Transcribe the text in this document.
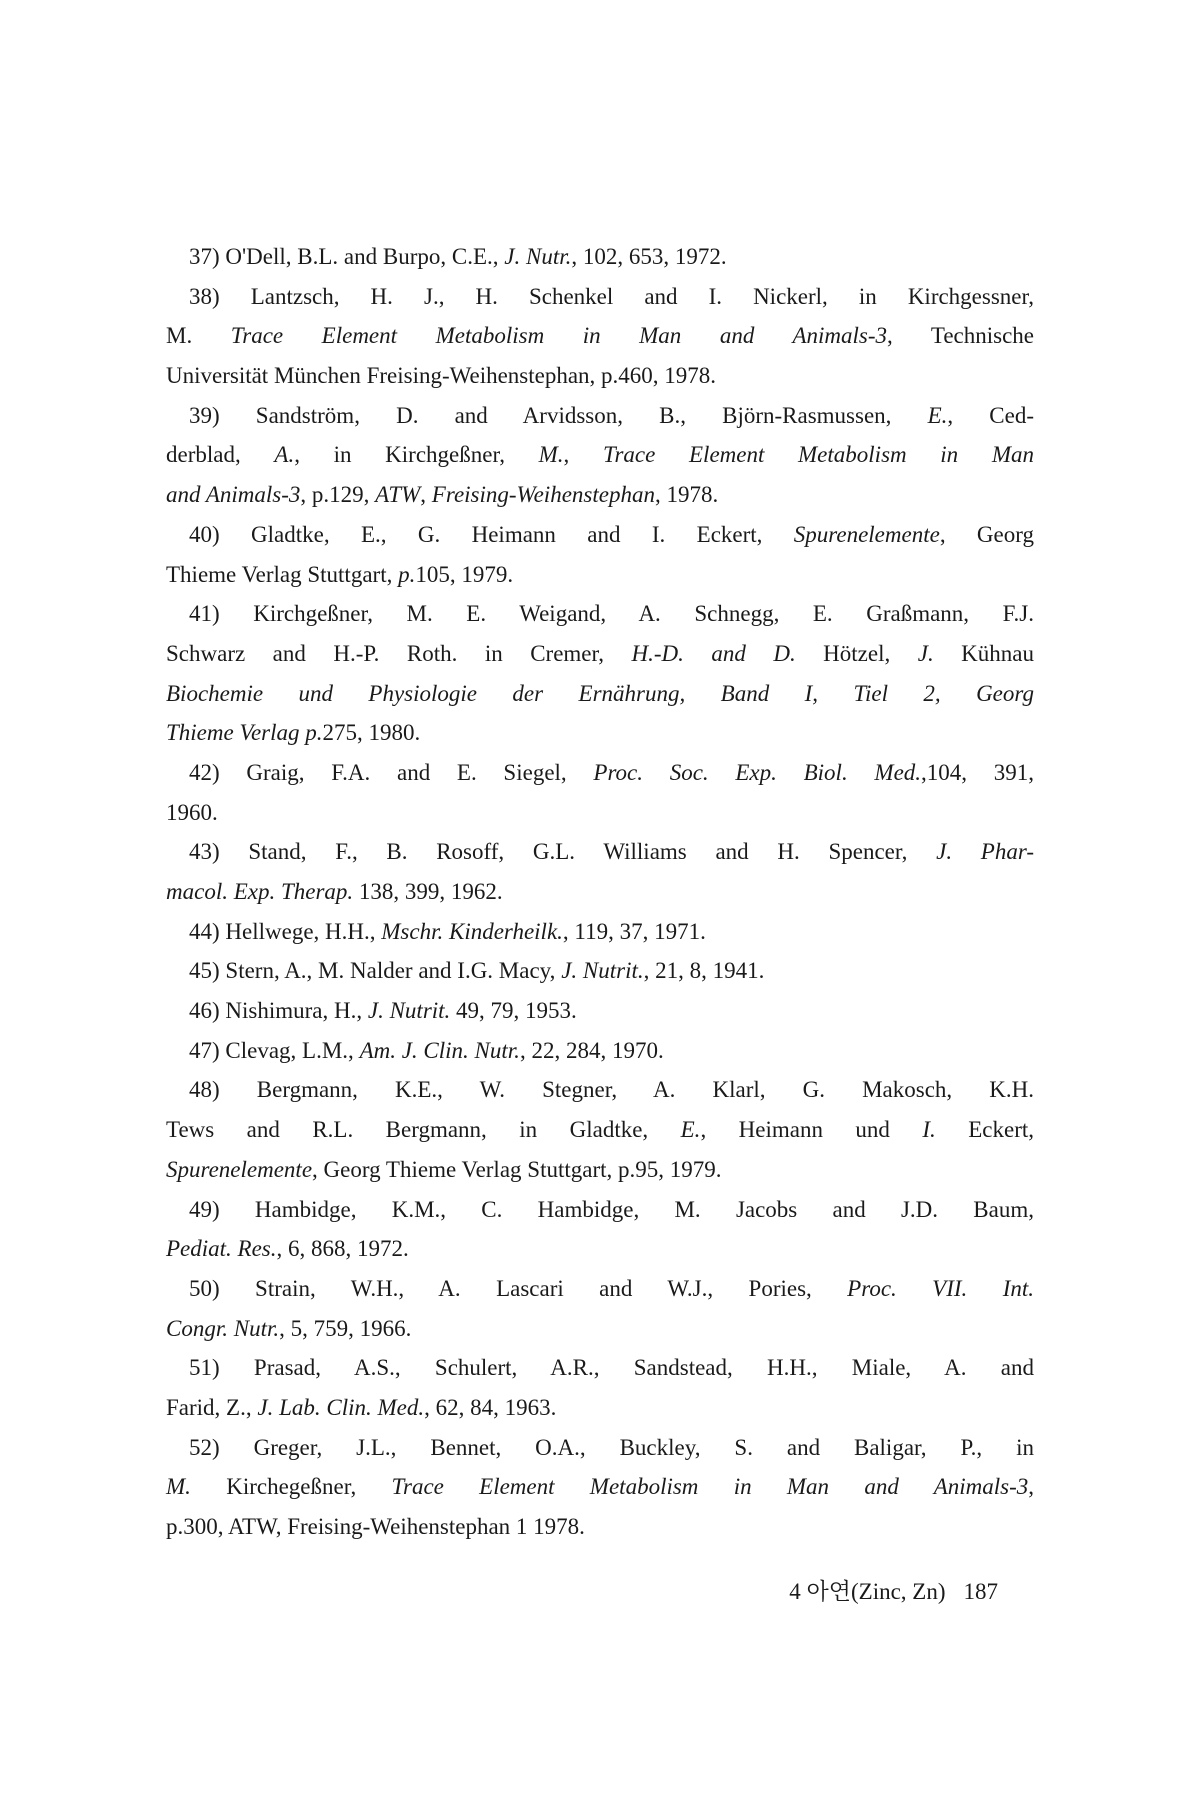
37) O'Dell, B.L. and Burpo, C.E., J. Nutr., 102, 653, 1972.
38) Lantzsch, H. J., H. Schenkel and I. Nickerl, in Kirchgessner,
M. Trace Element Metabolism in Man and Animals-3, Technische
Universität München Freising-Weihenstephan, p.460, 1978.
39) Sandström, D. and Arvidsson, B., Björn-Rasmussen, E., Ced-
derblad, A., in Kirchgeßner, M., Trace Element Metabolism in Man
and Animals-3, p.129, ATW, Freising-Weihenstephan, 1978.
40) Gladtke, E., G. Heimann and I. Eckert, Spurenelemente, Georg
Thieme Verlag Stuttgart, p.105, 1979.
41) Kirchgeßner, M. E. Weigand, A. Schnegg, E. Graßmann, F.J.
Schwarz and H.-P. Roth. in Cremer, H.-D. and D. Hötzel, J. Kühnau
Biochemie und Physiologie der Ernährung, Band I, Tiel 2, Georg
Thieme Verlag p.275, 1980.
42) Graig, F.A. and E. Siegel, Proc. Soc. Exp. Biol. Med.,104, 391,
1960.
43) Stand, F., B. Rosoff, G.L. Williams and H. Spencer, J. Phar-
macol. Exp. Therap. 138, 399, 1962.
44) Hellwege, H.H., Mschr. Kinderheilk., 119, 37, 1971.
45) Stern, A., M. Nalder and I.G. Macy, J. Nutrit., 21, 8, 1941.
46) Nishimura, H., J. Nutrit. 49, 79, 1953.
47) Clevag, L.M., Am. J. Clin. Nutr., 22, 284, 1970.
48) Bergmann, K.E., W. Stegner, A. Klarl, G. Makosch, K.H.
Tews and R.L. Bergmann, in Gladtke, E., Heimann und I. Eckert,
Spurenelemente, Georg Thieme Verlag Stuttgart, p.95, 1979.
49) Hambidge, K.M., C. Hambidge, M. Jacobs and J.D. Baum,
Pediat. Res., 6, 868, 1972.
50) Strain, W.H., A. Lascari and W.J., Pories, Proc. VII. Int.
Congr. Nutr., 5, 759, 1966.
51) Prasad, A.S., Schulert, A.R., Sandstead, H.H., Miale, A. and
Farid, Z., J. Lab. Clin. Med., 62, 84, 1963.
52) Greger, J.L., Bennet, O.A., Buckley, S. and Baligar, P., in
M. Kirchegeßner, Trace Element Metabolism in Man and Animals-3,
p.300, ATW, Freising-Weihenstephan 1 1978.
4 아연(Zinc, Zn) 187
